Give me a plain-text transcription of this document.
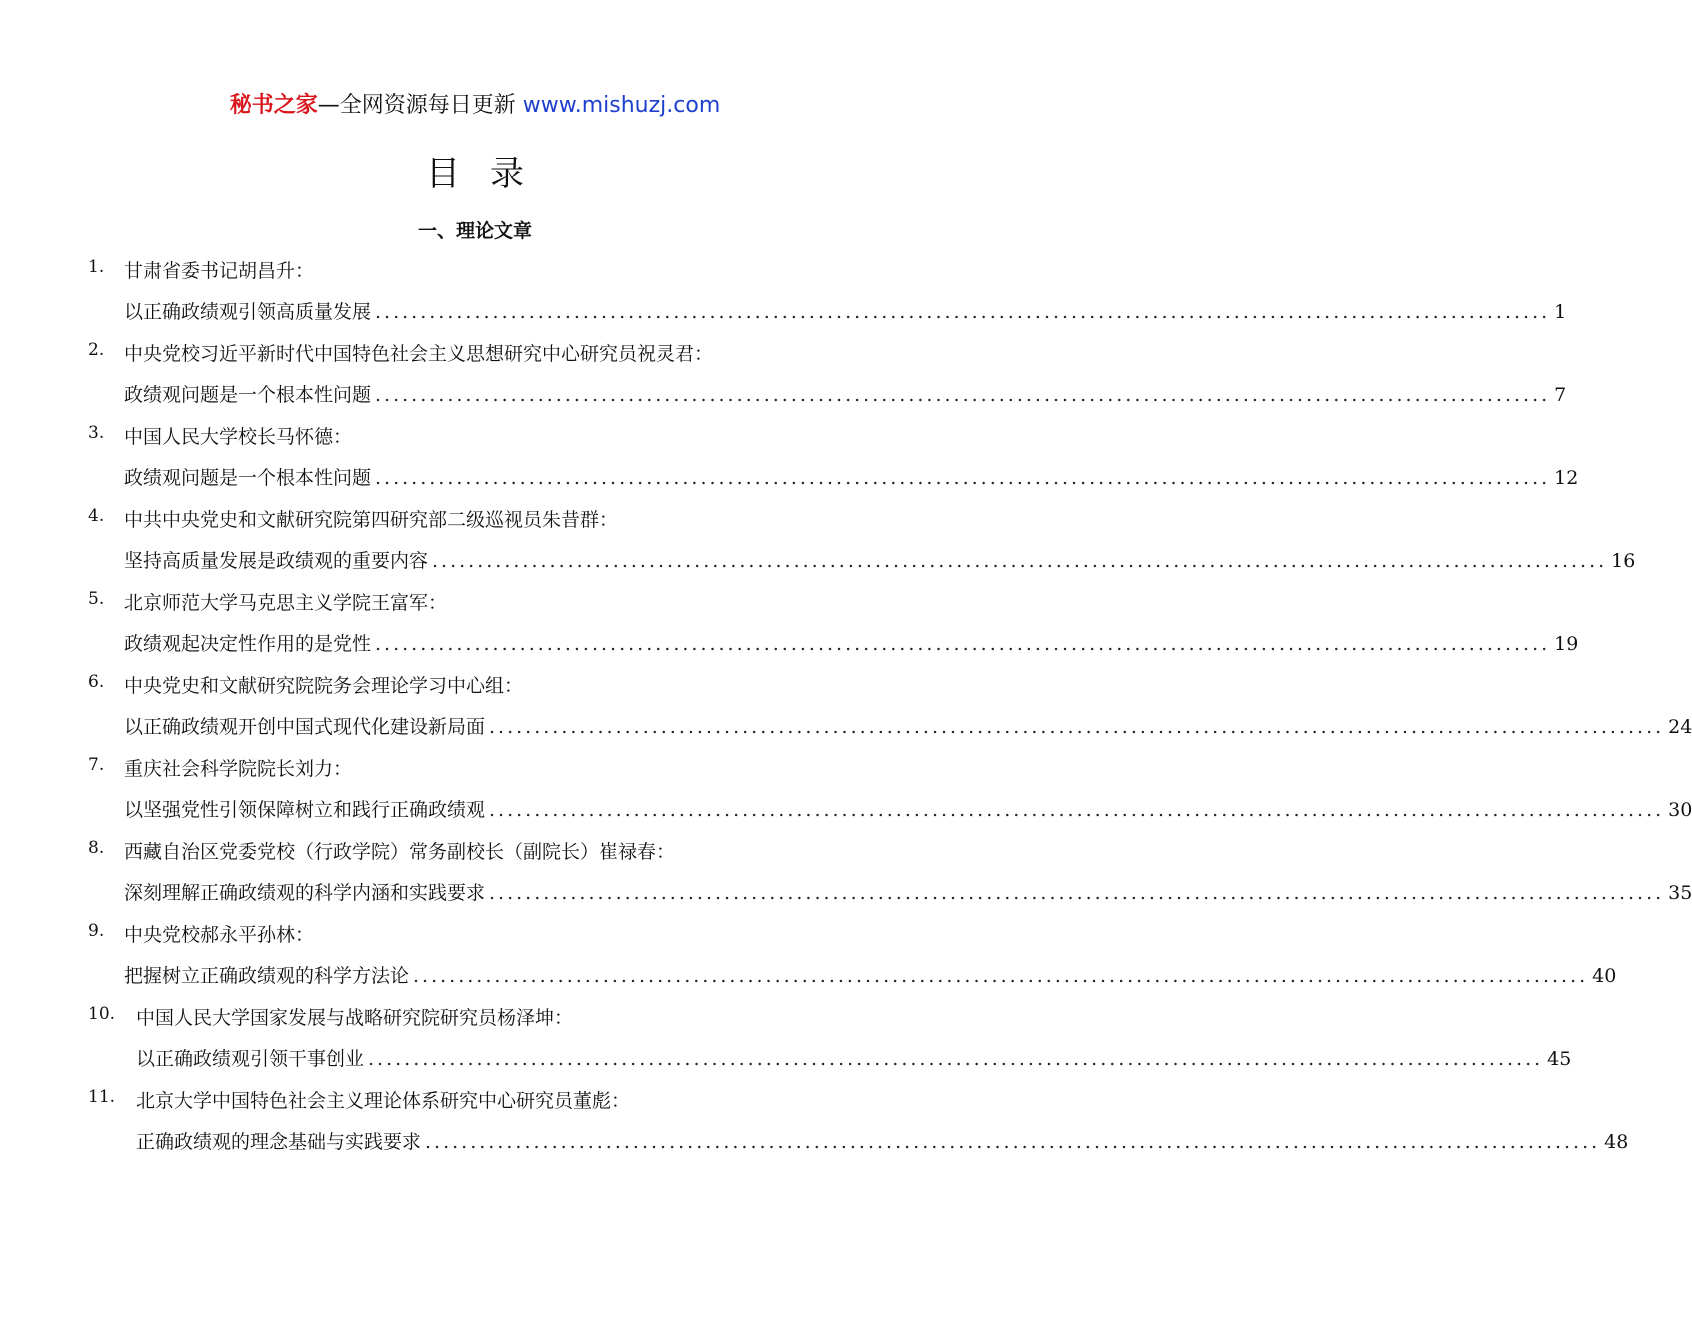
秘书之家—全网资源每日更新 www.mishuzj.com
目录
一、理论文章
1. 甘肃省委书记胡昌升：
以正确政绩观引领高质量发展 .................................................................................................................................. 1
2. 中央党校习近平新时代中国特色社会主义思想研究中心研究员祝灵君：
政绩观问题是一个根本性问题 .................................................................................................................................. 7
3. 中国人民大学校长马怀德：
政绩观问题是一个根本性问题 .................................................................................................................................. 12
4. 中共中央党史和文献研究院第四研究部二级巡视员朱昔群：
坚持高质量发展是政绩观的重要内容 .................................................................................................................................. 16
5. 北京师范大学马克思主义学院王富军：
政绩观起决定性作用的是党性 .................................................................................................................................. 19
6. 中央党史和文献研究院院务会理论学习中心组：
以正确政绩观开创中国式现代化建设新局面 .................................................................................................................................. 24
7. 重庆社会科学院院长刘力：
以坚强党性引领保障树立和践行正确政绩观 .................................................................................................................................. 30
8. 西藏自治区党委党校（行政学院）常务副校长（副院长）崔禄春：
深刻理解正确政绩观的科学内涵和实践要求 .................................................................................................................................. 35
9. 中央党校郝永平孙林：
把握树立正确政绩观的科学方法论 .................................................................................................................................. 40
10. 中国人民大学国家发展与战略研究院研究员杨泽坤：
以正确政绩观引领干事创业 .................................................................................................................................. 45
11. 北京大学中国特色社会主义理论体系研究中心研究员董彪：
正确政绩观的理念基础与实践要求 .................................................................................................................................. 48
